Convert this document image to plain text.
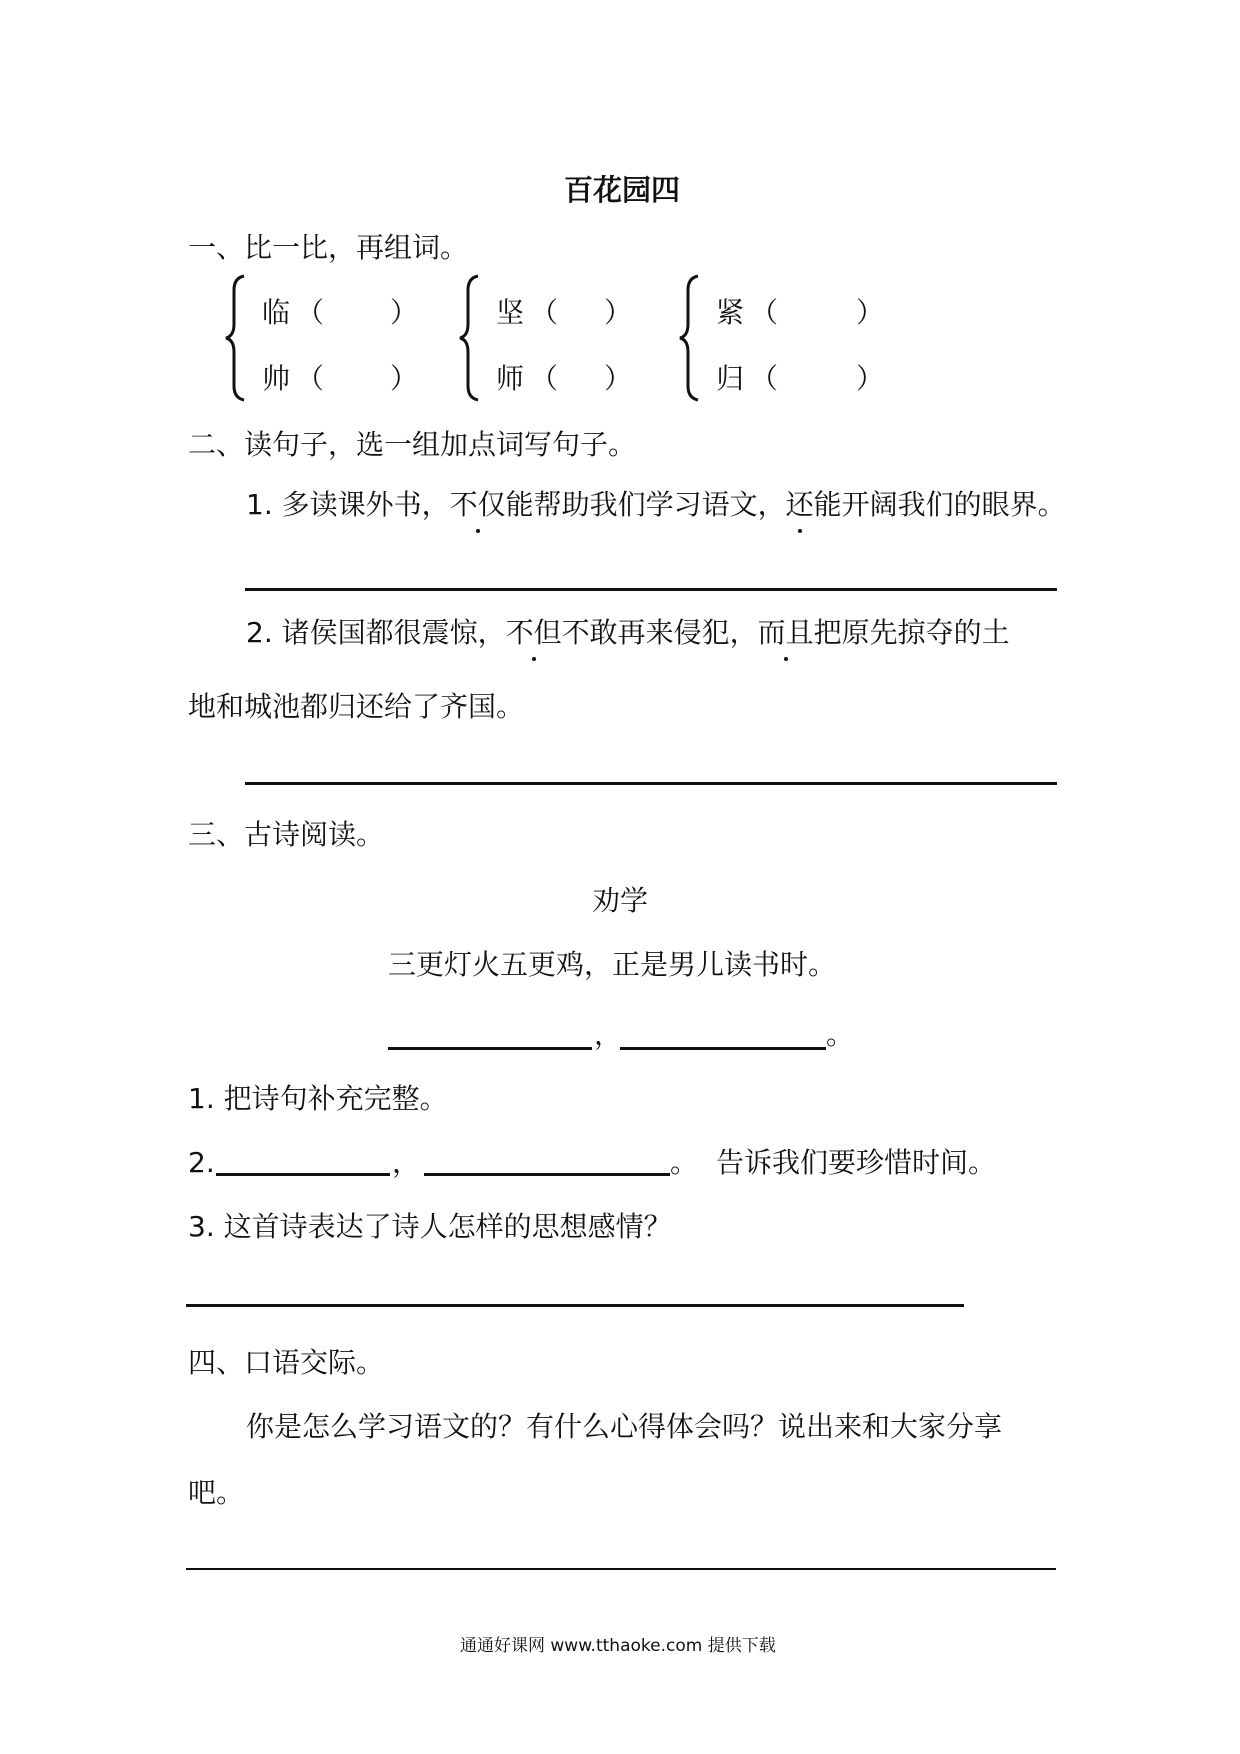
百花园四
一、比一比，再组词。
临 （ ）
帅 （ ）
坚 （ ）
师 （ ）
紧 （	）
归 （	）
二、读句子，选一组加点词写句子。
1. 多读课外书，不仅能帮助我们学习语文，还能开阔我们的眼界。
2. 诸侯国都很震惊，不但不敢再来侵犯，而且把原先掠夺的土
地和城池都归还给了齐国。
三、古诗阅读。
劝学
三更灯火五更鸡，正是男儿读书时。
，	。
1. 把诗句补充完整。
2.	，	。 告诉我们要珍惜时间。
3. 这首诗表达了诗人怎样的思想感情？
四、口语交际。
你是怎么学习语文的？有什么心得体会吗？说出来和大家分享
吧。
通通好课网 www.tthaoke.com 提供下载
